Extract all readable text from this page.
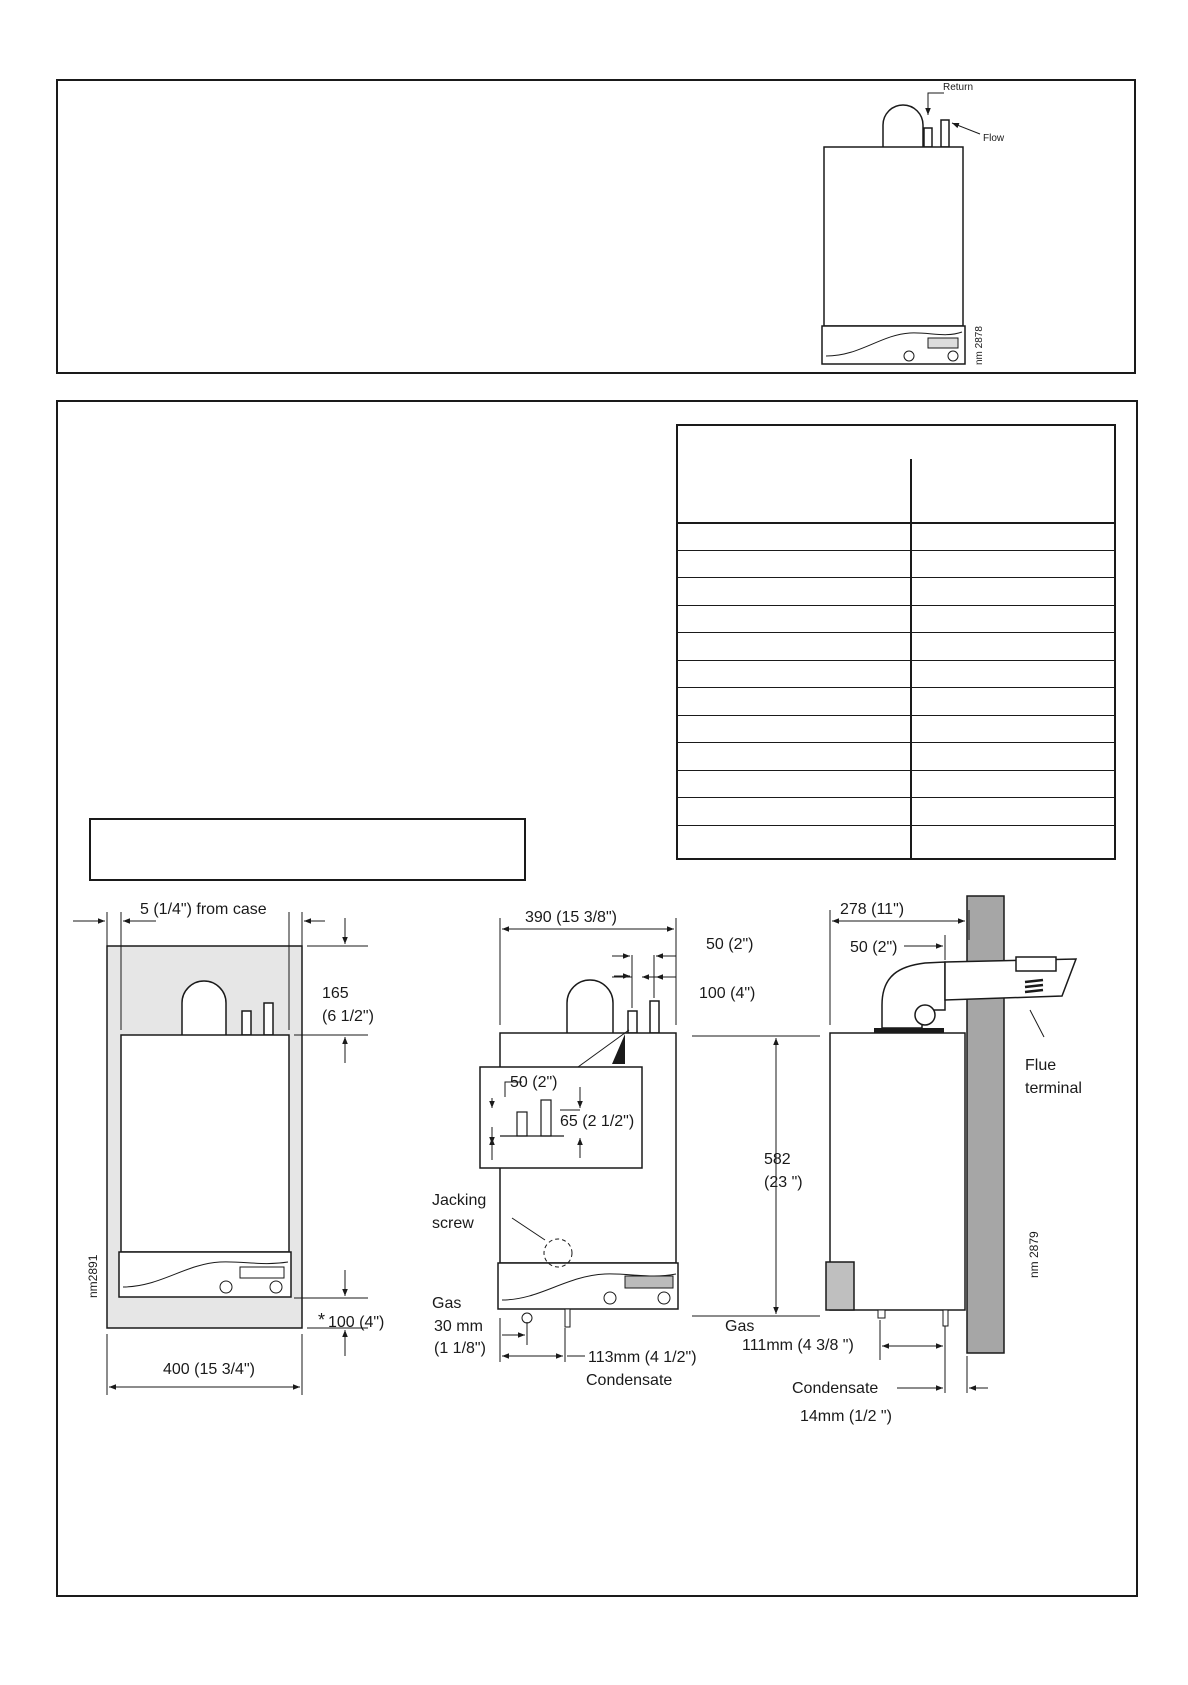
Return
Flow
nm 2878
5 (1/4") from case
165
(6 1/2")
* 100 (4")
400 (15 3/4")
nm2891
390 (15 3/8")
50 (2")
100 (4")
50 (2")
65 (2 1/2")
Jacking
screw
Gas
30 mm
(1 1/8")
113mm (4 1/2")
Condensate
278 (11")
50 (2")
Flue
terminal
582
(23 ")
Gas
111mm (4 3/8 ")
Condensate
14mm (1/2 ")
nm 2879
